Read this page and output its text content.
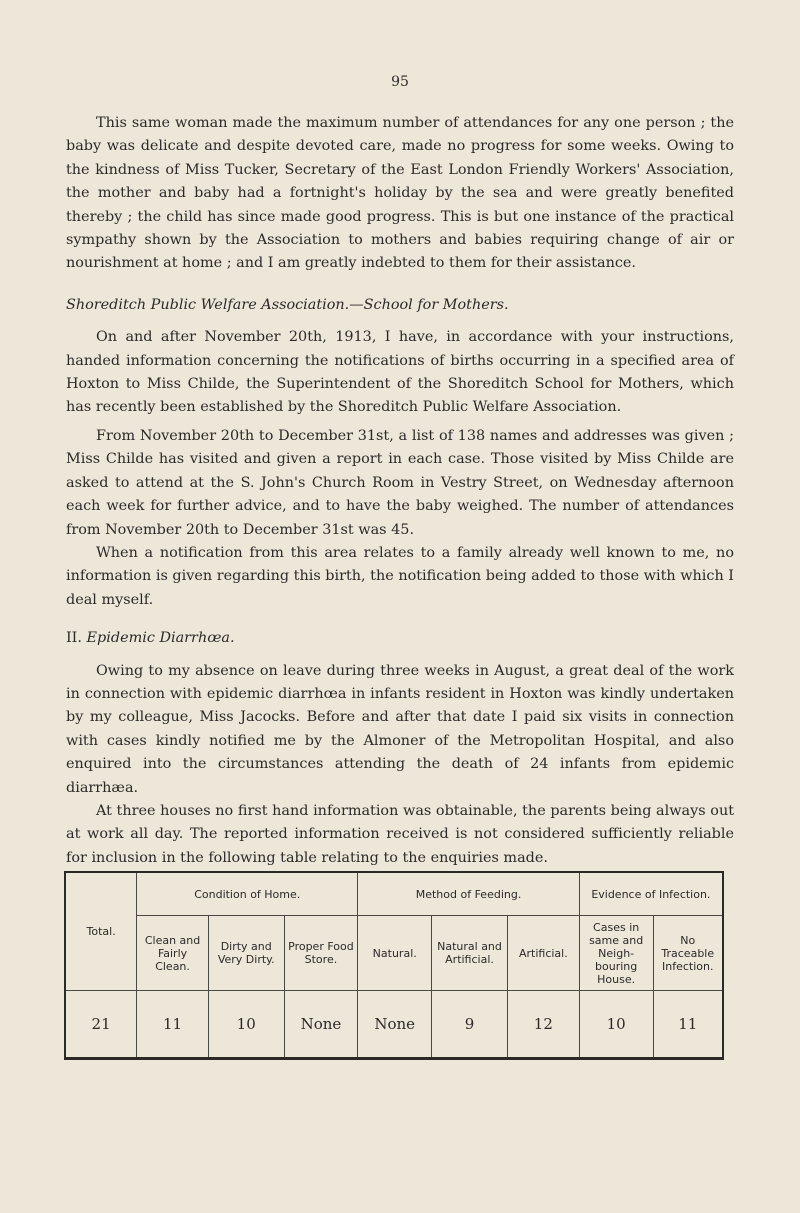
95

This same woman made the maximum number of attendances for any one person ; the baby was delicate and despite devoted care, made no progress for some weeks. Owing to the kindness of Miss Tucker, Secretary of the East London Friendly Workers' Association, the mother and baby had a fortnight's holiday by the sea and were greatly benefited thereby ; the child has since made good progress. This is but one instance of the practical sympathy shown by the Association to mothers and babies requiring change of air or nourishment at home ; and I am greatly indebted to them for their assistance.

Shoreditch Public Welfare Association.—School for Mothers.

On and after November 20th, 1913, I have, in accordance with your instructions, handed information concerning the notifications of births occurring in a specified area of Hoxton to Miss Childe, the Superintendent of the Shoreditch School for Mothers, which has recently been established by the Shoreditch Public Welfare Association.

From November 20th to December 31st, a list of 138 names and addresses was given ; Miss Childe has visited and given a report in each case. Those visited by Miss Childe are asked to attend at the S. John's Church Room in Vestry Street, on Wednesday afternoon each week for further advice, and to have the baby weighed. The number of attendances from November 20th to December 31st was 45.

When a notification from this area relates to a family already well known to me, no information is given regarding this birth, the notification being added to those with which I deal myself.

II. Epidemic Diarrhœa.

Owing to my absence on leave during three weeks in August, a great deal of the work in connection with epidemic diarrhœa in infants resident in Hoxton was kindly undertaken by my colleague, Miss Jacocks. Before and after that date I paid six visits in connection with cases kindly notified me by the Almoner of the Metropolitan Hospital, and also enquired into the circumstances attending the death of 24 infants from epidemic diarrhæa.

At three houses no first hand information was obtainable, the parents being always out at work all day. The reported information received is not considered sufficiently reliable for inclusion in the following table relating to the enquiries made.

Total.	Condition of Home.			Method of Feeding.			Evidence of Infection.	
	Clean and Fairly Clean.	Dirty and Very Dirty.	Proper Food Store.	Natural.	Natural and Artificial.	Artificial.	Cases in same and Neigh- bouring House.	No Traceable Infection.
21	11	10	None	None	9	12	10	11
